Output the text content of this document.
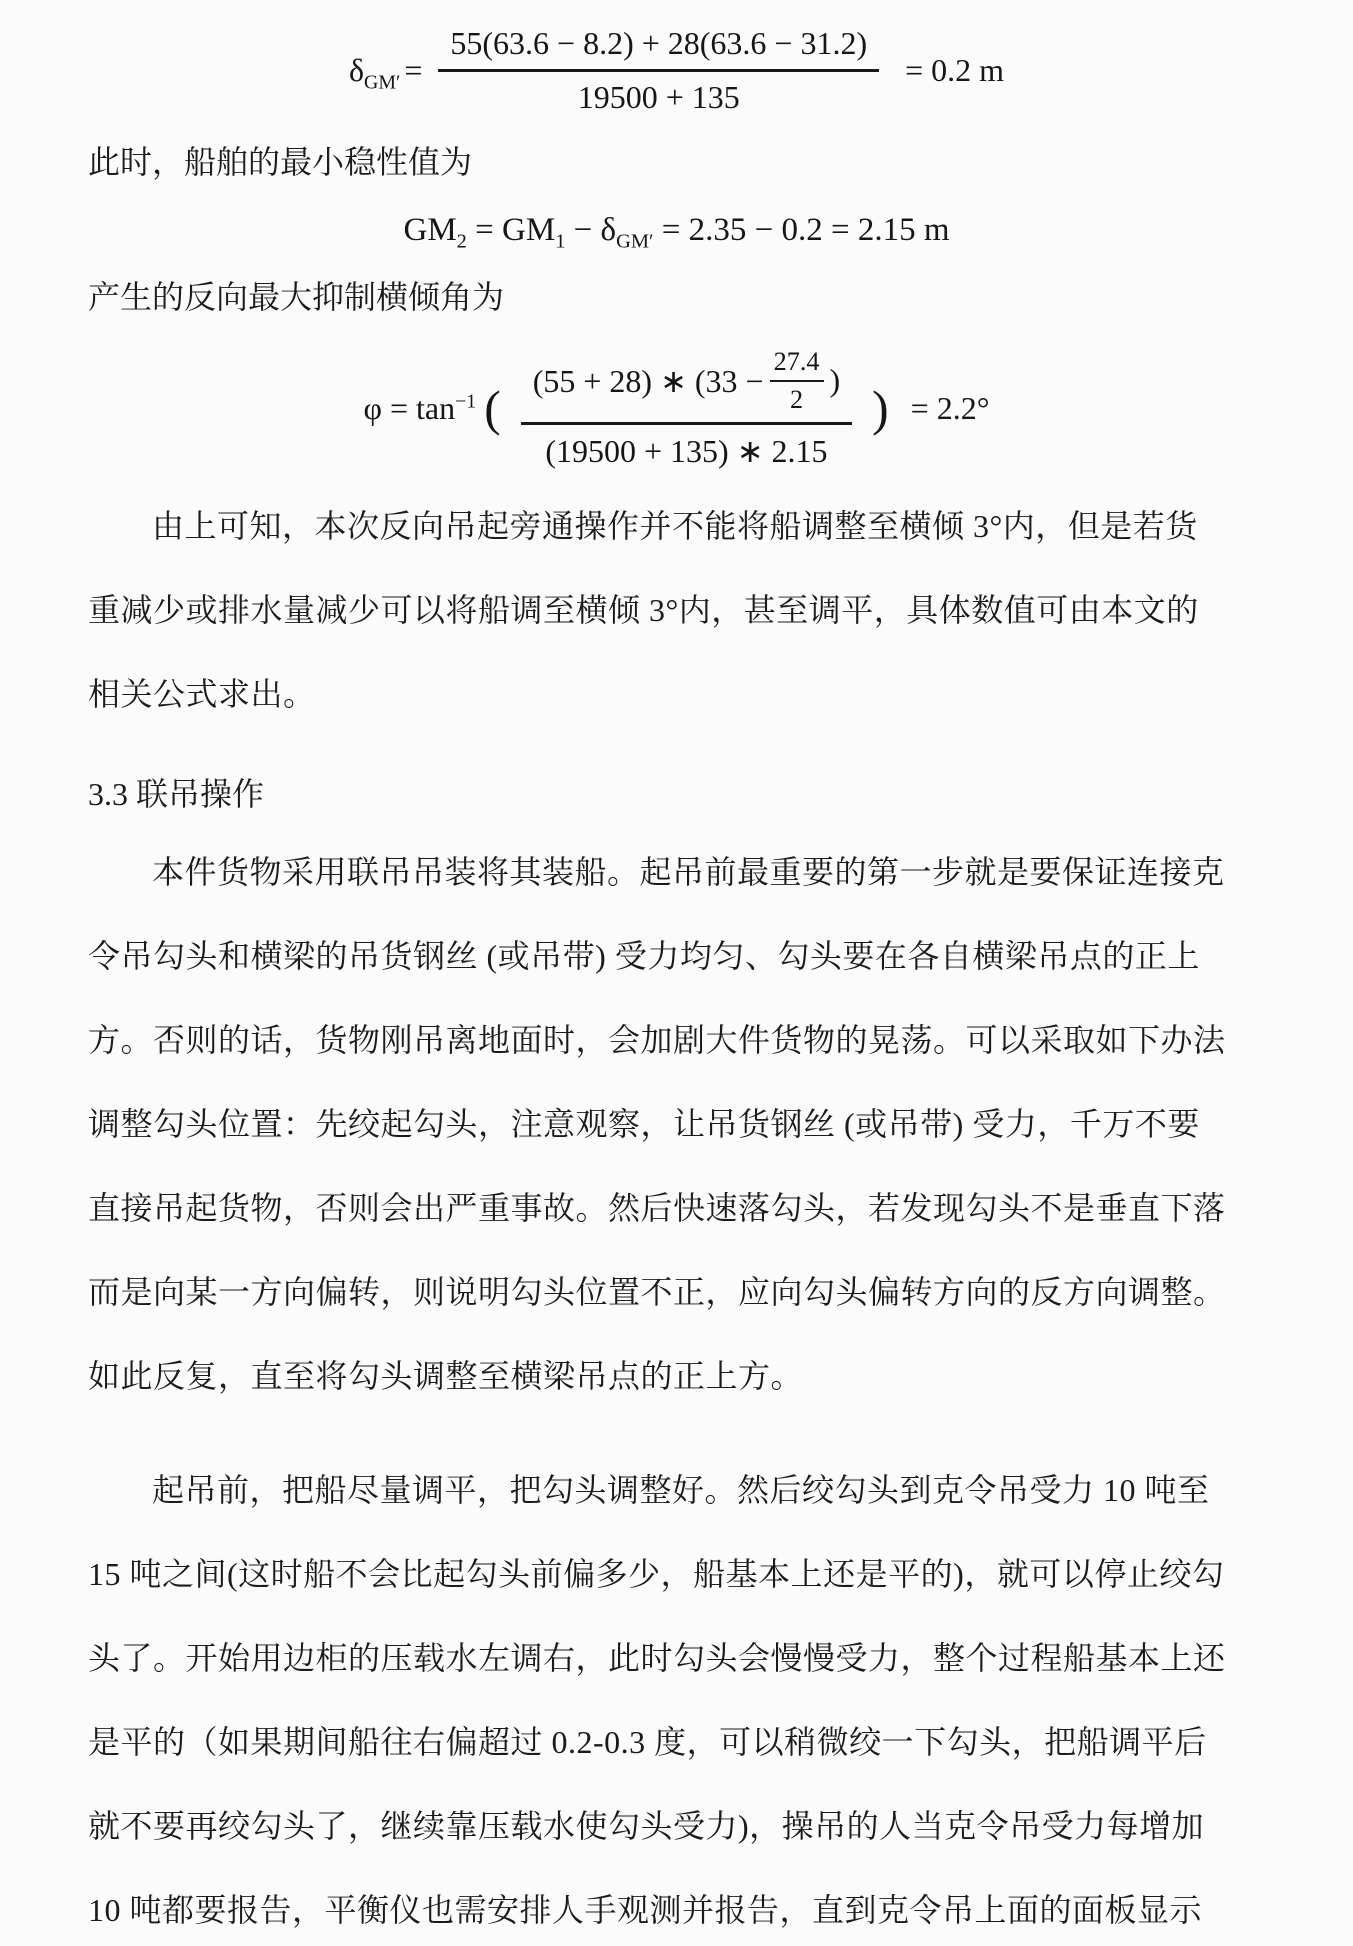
$\delta_{GM'} = \frac{55(63.6 - 8.2) + 28(63.6 - 31.2)}{19500 + 135} = 0.2$ m
此时，船舶的最小稳性值为
$GM_2 = GM_1 - \delta_{GM'} = 2.35 - 0.2 = 2.15$ m
产生的反向最大抑制横倾角为
$\varphi = \tan^{-1}$ ( (55 + 28) ∗ ($33 - \frac{27.4}{2}$ )
(19500 + 135) ∗ 2.15
) = 2.2°
由上可知，本次反向吊起旁通操作并不能将船调整至横倾 3°内，但是若货
重减少或排水量减少可以将船调至横倾 3°内，甚至调平，具体数值可由本文的
相关公式求出。
3.3 联吊操作
本件货物采用联吊吊装将其装船。起吊前最重要的第一步就是要保证连接克
令吊勾头和横梁的吊货钢丝 (或吊带) 受力均匀、勾头要在各自横梁吊点的正上
方。否则的话，货物刚吊离地面时，会加剧大件货物的晃荡。可以采取如下办法
调整勾头位置：先绞起勾头，注意观察，让吊货钢丝 (或吊带) 受力，千万不要
直接吊起货物，否则会出严重事故。然后快速落勾头，若发现勾头不是垂直下落
而是向某一方向偏转，则说明勾头位置不正，应向勾头偏转方向的反方向调整。
如此反复，直至将勾头调整至横梁吊点的正上方。
起吊前，把船尽量调平，把勾头调整好。然后绞勾头到克令吊受力 10 吨至
15 吨之间(这时船不会比起勾头前偏多少，船基本上还是平的)，就可以停止绞勾
头了。开始用边柜的压载水左调右，此时勾头会慢慢受力，整个过程船基本上还
是平的（如果期间船往右偏超过 0.2-0.3 度，可以稍微绞一下勾头，把船调平后
就不要再绞勾头了，继续靠压载水使勾头受力)，操吊的人当克令吊受力每增加
10 吨都要报告，平衡仪也需安排人手观测并报告，直到克令吊上面的面板显示
